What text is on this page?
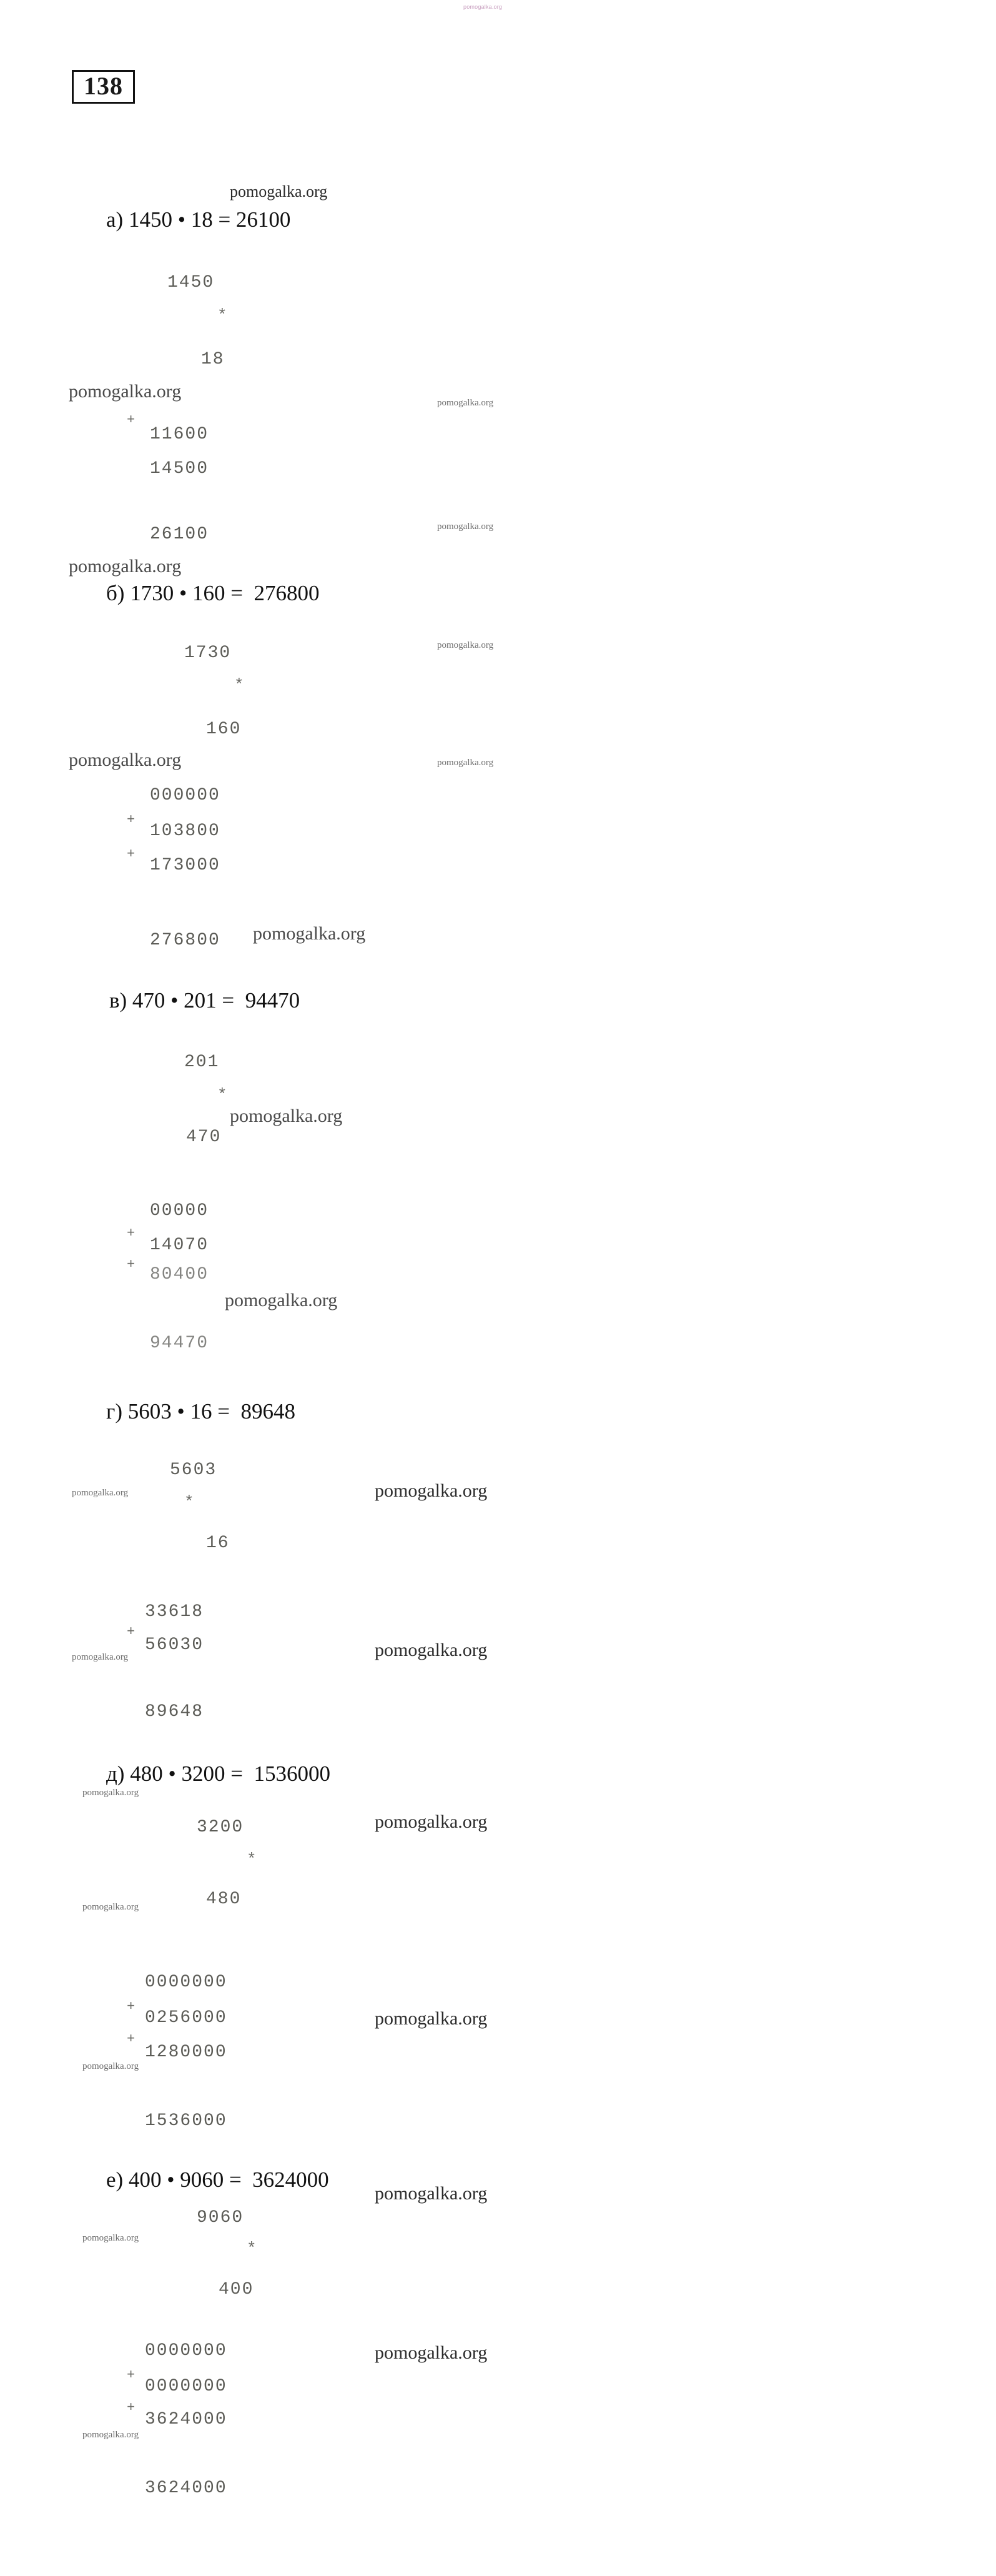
pomogalka.org
138
pomogalka.org
а) 1450 • 18 = 26100
1450
*
18
pomogalka.org
pomogalka.org
+
11600
14500
pomogalka.org
26100
pomogalka.org
б) 1730 • 160 =  276800
1730	pomogalka.org
*
160
pomogalka.org	pomogalka.org
+
000000
+
103800
173000
276800 pomogalka.org
в) 470 • 201 =  94470
201
*
470
pomogalka.org
+
00000
+
14070
80400
pomogalka.org
94470
г) 5603 • 16 =  89648
5603
pomogalka.org	*
pomogalka.org
16
+
33618
56030
pomogalka.org	pomogalka.org
89648
д) 480 • 3200 =  1536000
pomogalka.org
3200	pomogalka.org
*
480
pomogalka.org
+
0000000
+
0256000	pomogalka.org
1280000
pomogalka.org
1536000
е) 400 • 9060 =  3624000
pomogalka.org
9060
pomogalka.org
*
400
+
0000000	pomogalka.org
+
0000000
3624000
pomogalka.org
3624000
